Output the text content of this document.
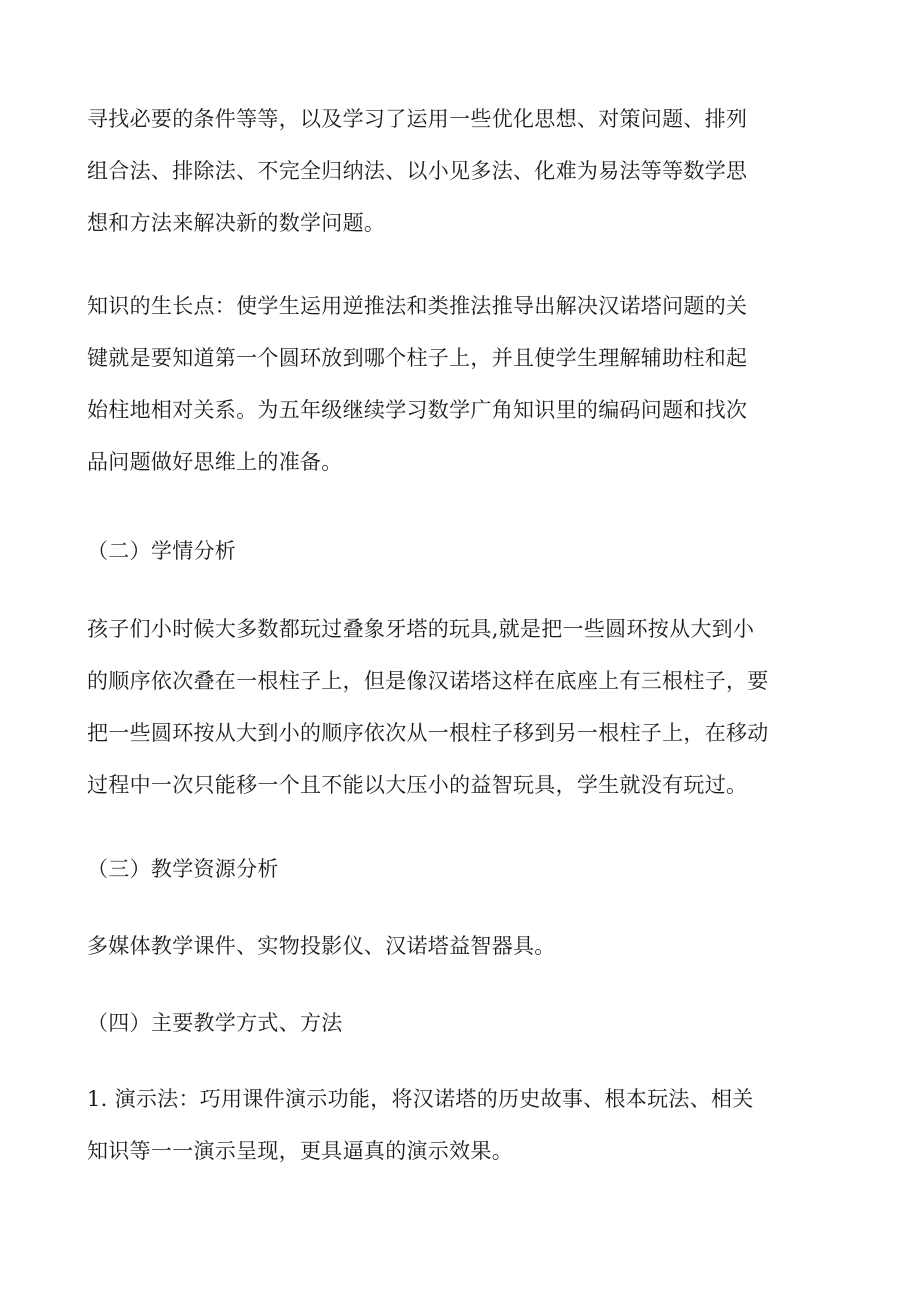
寻找必要的条件等等，以及学习了运用一些优化思想、对策问题、排列
组合法、排除法、不完全归纳法、以小见多法、化难为易法等等数学思
想和方法来解决新的数学问题。

知识的生长点：使学生运用逆推法和类推法推导出解决汉诺塔问题的关
键就是要知道第一个圆环放到哪个柱子上，并且使学生理解辅助柱和起
始柱地相对关系。为五年级继续学习数学广角知识里的编码问题和找次
品问题做好思维上的准备。

（二）学情分析

孩子们小时候大多数都玩过叠象牙塔的玩具,就是把一些圆环按从大到小
的顺序依次叠在一根柱子上，但是像汉诺塔这样在底座上有三根柱子，要
把一些圆环按从大到小的顺序依次从一根柱子移到另一根柱子上，在移动
过程中一次只能移一个且不能以大压小的益智玩具，学生就没有玩过。

（三）教学资源分析

多媒体教学课件、实物投影仪、汉诺塔益智器具。

（四）主要教学方式、方法

1. 演示法：巧用课件演示功能，将汉诺塔的历史故事、根本玩法、相关
知识等一一演示呈现，更具逼真的演示效果。
